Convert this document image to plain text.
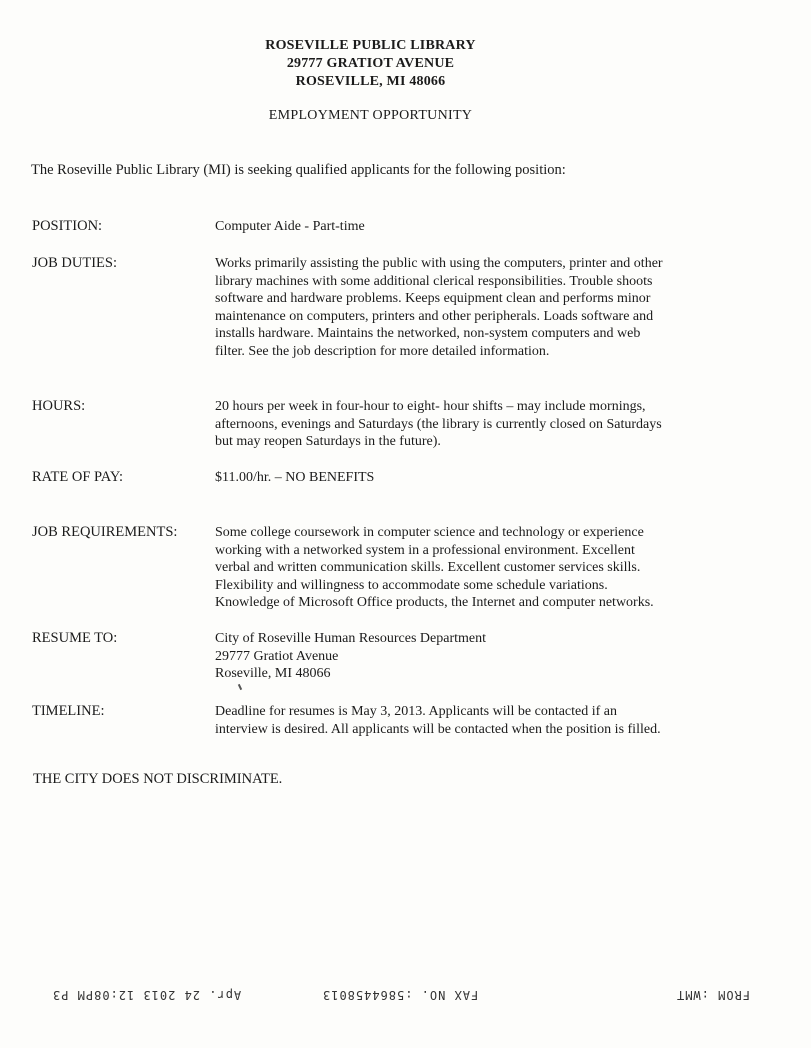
ROSEVILLE PUBLIC LIBRARY
29777 GRATIOT AVENUE
ROSEVILLE, MI 48066
EMPLOYMENT OPPORTUNITY
The Roseville Public Library (MI) is seeking qualified applicants for the following position:
POSITION:	Computer Aide - Part-time
JOB DUTIES:	Works primarily assisting the public with using the computers, printer and other
library machines with some additional clerical responsibilities. Trouble shoots
software and hardware problems. Keeps equipment clean and performs minor
maintenance on computers, printers and other peripherals. Loads software and
installs hardware. Maintains the networked, non-system computers and web
filter. See the job description for more detailed information.
HOURS:	20 hours per week in four-hour to eight- hour shifts – may include mornings,
afternoons, evenings and Saturdays (the library is currently closed on Saturdays
but may reopen Saturdays in the future).
RATE OF PAY:	$11.00/hr. – NO BENEFITS
JOB REQUIREMENTS:	Some college coursework in computer science and technology or experience
working with a networked system in a professional environment. Excellent
verbal and written communication skills. Excellent customer services skills.
Flexibility and willingness to accommodate some schedule variations.
Knowledge of Microsoft Office products, the Internet and computer networks.
RESUME TO:	City of Roseville Human Resources Department
29777 Gratiot Avenue
Roseville, MI 48066
TIMELINE:	Deadline for resumes is May 3, 2013. Applicants will be contacted if an
interview is desired. All applicants will be contacted when the position is filled.
THE CITY DOES NOT DISCRIMINATE.
Apr. 24 2013 12:08PM P3	FAX NO. :5864458013	FROM :WMT
